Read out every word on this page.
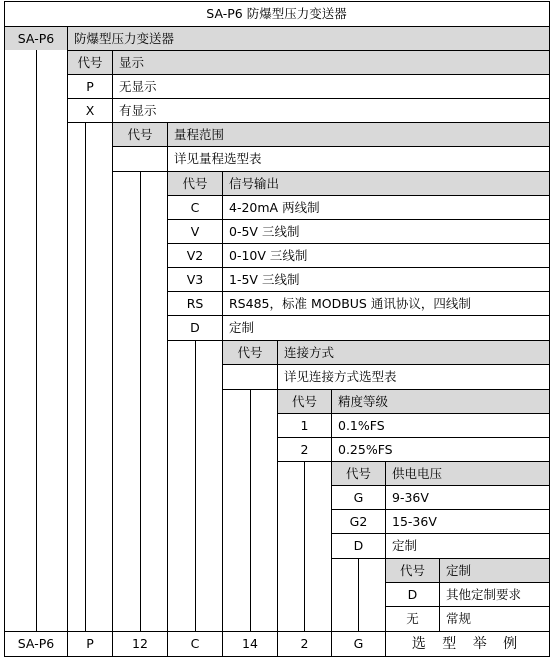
SA-P6 防爆型压力变送器
SA-P6	防爆型压力变送器
代号	显示
P	无显示
X	有显示
代号	量程范围
详见量程选型表
代号	信号输出
C	4-20mA 两线制
V	0-5V 三线制
V2	0-10V 三线制
V3	1-5V 三线制
RS	RS485，标准 MODBUS 通讯协议，四线制
D	定制
代号	连接方式
详见连接方式选型表
代号	精度等级
1	0.1%FS
2	0.25%FS
代号	供电电压
G	9-36V
G2	15-36V
D	定制
代号	定制
D	其他定制要求
无	常规
SA-P6	P	12	C	14	2	G	选 型 举 例
